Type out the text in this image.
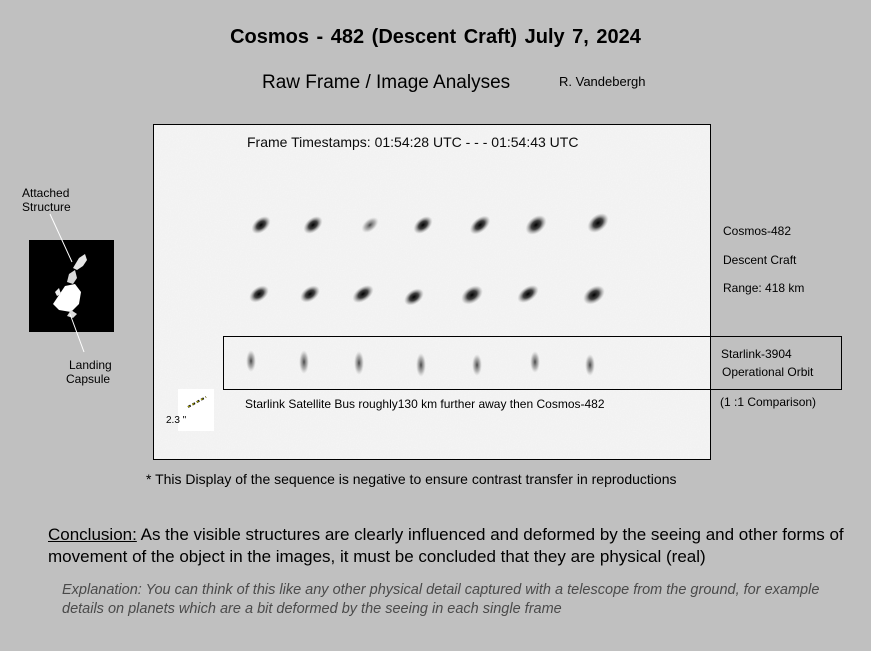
Cosmos - 482 (Descent Craft) July 7, 2024
Raw Frame / Image Analyses	R. Vandebergh
Attached
Structure
Landing
Capsule
2.3 "
Starlink Satellite Bus roughly130 km further away then Cosmos-482
Cosmos-482
Descent Craft
Range: 418 km
Starlink-3904
Operational Orbit
(1 :1 Comparison)
* This Display of the sequence is negative to ensure contrast transfer in reproductions
Conclusion: As the visible structures are clearly influenced and deformed by the seeing and other forms of movement of the object in the images, it must be concluded that they are physical (real)
Explanation: You can think of this like any other physical detail captured with a telescope from the ground, for example details on planets which are a bit deformed by the seeing in each single frame
